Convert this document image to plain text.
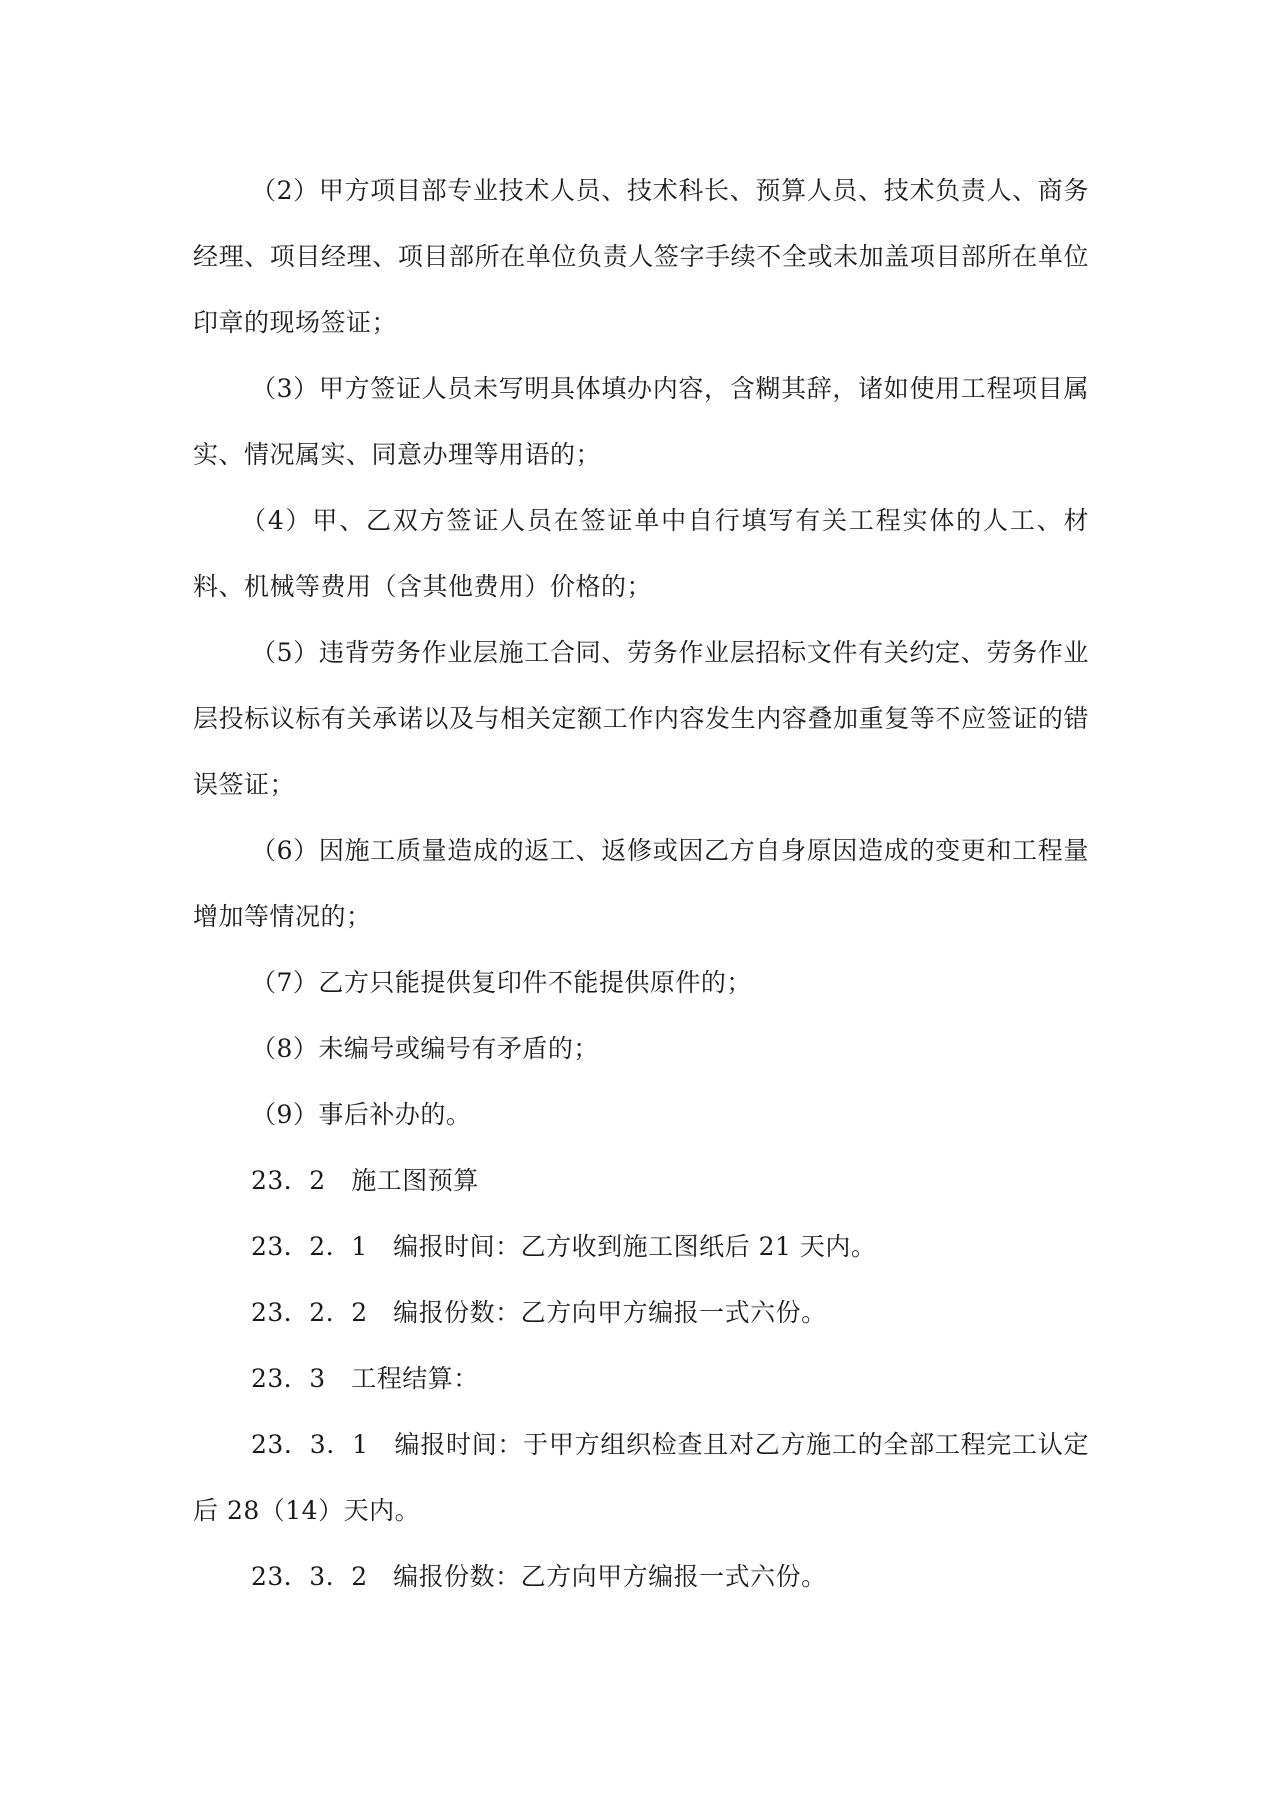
（2）甲方项目部专业技术人员、技术科长、预算人员、技术负责人、商务经理、项目经理、项目部所在单位负责人签字手续不全或未加盖项目部所在单位印章的现场签证；

（3）甲方签证人员未写明具体填办内容，含糊其辞，诸如使用工程项目属实、情况属实、同意办理等用语的；

（4）甲、乙双方签证人员在签证单中自行填写有关工程实体的人工、材料、机械等费用（含其他费用）价格的；

（5）违背劳务作业层施工合同、劳务作业层招标文件有关约定、劳务作业层投标议标有关承诺以及与相关定额工作内容发生内容叠加重复等不应签证的错误签证；

（6）因施工质量造成的返工、返修或因乙方自身原因造成的变更和工程量增加等情况的；

（7）乙方只能提供复印件不能提供原件的；

（8）未编号或编号有矛盾的；

（9）事后补办的。

23．2　施工图预算

23．2．1　编报时间：乙方收到施工图纸后 21 天内。

23．2．2　编报份数：乙方向甲方编报一式六份。

23．3　工程结算：

23．3．1　编报时间：于甲方组织检查且对乙方施工的全部工程完工认定后 28（14）天内。

23．3．2　编报份数：乙方向甲方编报一式六份。
